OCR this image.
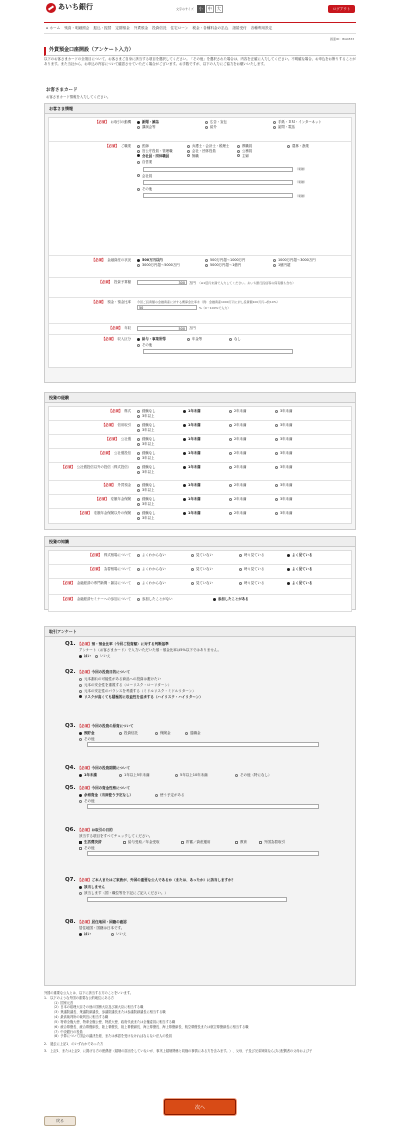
あいち銀行	文字のサイズ	小	中	大	ログアウト
⌂ ホーム 残高・明細照会 振込・振替 定期預金 外貨預金 投資信託 住宅ローン 税金・各種料金の払込 諸届受付 各種利用設定
画面ID：BGK833
外貨預金口座開設（アンケート入力）
以下のお客さまカードの全項目について、お客さまご自身に該当する項目を選択してください。「その他」を選択された場合は、内容を正確に入力してください。不明確な場合、お申込をお断りすることがあります。また当社から、お申込の内容について確認させていただく場合がございます。お手数ですが、以下の入力にご協力をお願いいたします。
お客さまカード
お客さまカード情報を入力してください。
お客さま情報
【必須】 お取引の動機	新聞・雑誌	広告・宣伝	手紙・ＤＭ・インターネット
講演会等	紹介	訪問・電話
【必須】 ご職業	医師	弁護士・会計士・税理士	教職員	農林・漁業
官公庁役員・管理職	会社・団体役員	公務員
会社員・団体職員	無職	主婦
自営業
（業種）
会社員
（業種）
その他
（業種）
【必須】 金融資産の状況	500万円以内	500万円超～1000万円	1000万円超～3000万円
3000万円超～5000万円	5000万円超～1億円	1億円超
【必須】 投資予算額	300	万円 （※1億円未満で入力してください。あいち銀行投信等の保有額も含む）
【必須】 預金・預金比率	今回ご投資額の金融資産に対する概算金比率を（例：金融資産1000万円に対し投資額100万円→約10%）
50	%（0～100%で入力）
【必須】 年収	500	万円
【必須】 収入区分	給与・事業所得	年金等	なし
その他
投資の経験
【必須】 株式	経験なし	1年未満	2年未満	3年未満
3年以上
【必須】 信用取引	経験なし	1年未満	2年未満	3年未満
3年以上
【必須】 公社債	経験なし	1年未満	2年未満	3年未満
3年以上
【必須】 公社債投信	経験なし	1年未満	2年未満	3年未満
3年以上
【必須】 公社債投信以外の投信（株式投信）	経験なし	1年未満	2年未満	3年未満
3年以上
【必須】 外貨預金	経験なし	1年未満	2年未満	3年未満
3年以上
【必須】 変額年金保険	経験なし	1年未満	2年未満	3年未満
3年以上
【必須】 変額年金保険以外の保険	経験なし	1年未満	2年未満	3年未満
3年以上
投資の知識
【必須】 株式相場について	よくわからない	見ていない	時々見ている	よく見ている
【必須】 為替相場について	よくわからない	見ていない	時々見ている	よく見ている
【必須】 金融経済の専門新聞・雑誌について	よくわからない	見ていない	時々見ている	よく見ている
【必須】 金融経済セミナーへの参加について	参加したことがない	参加したことがある
取引アンケート
Q1. 【必須】預・預金比率（今回ご投資額）に対する判断基準
アンケート（お客さまカード）で入力いただいた預・預金比率は5%以下ではありません。
はい	いいえ
Q2. 【必須】今回の投資目的について
元本割れの可能性がある商品への投資は避けたい
元本の安全性を重視する（ローリスク・ローリターン）
元本の安定性のバランスを考慮する（ミドルリスク・ミドルリターン）
リスクが高くても積極的に収益性を追求する（ハイリスク・ハイリターン）
Q3. 【必須】今回の投資の原資について
預貯金	投資信託	保険金	退職金
その他
Q4. 【必須】今回の投資期間について
1年未満	1年以上5年未満	5年以上10年未満	その他（特になし）
Q5. 【必須】今回の資金性格について
余裕資金（当面使う予定なし）	使う予定がある
その他
Q6. 【必須】お取引の目的
該当する項目をすべてチェックしてください。
生活費決済	給与受取／年金受取	貯蓄／資産運用	教育	外国為替取引
その他
Q7. 【必須】ご本人またはご家族が、外国の重要な公人であるか（または、あったか）に該当しますか？
該当しません
該当します（国・職位等を下記にご記入ください。）
Q8. 【必須】居住地国・国籍の確認
居住地国・国籍は日本です。
はい	いいえ
外国の重要な公人とは、以下に該当する方のことをいいます。
1.　以下のような外国の重要な公的地位にある方
（1）国家元首
（2）日本の総理大臣その他の国務大臣及び副大臣に相当する職
（3）衆議院議長、衆議院副議長、参議院議長または参議院副議長に相当する職
（4）最高裁判所の裁判官に相当する職
（5）特命全権大使、特命全権公使、特派大使、政府代表または全権委員に相当する職
（6）統合幕僚長、統合幕僚副長、陸上幕僚長、陸上幕僚副長、海上幕僚長、海上幕僚副長、航空幕僚長または航空幕僚副長に相当する職
（7）中央銀行の役員
（8）予算について国会の議決を経、または承認を受けなければならない法人の役員
2.　過去に上記1．のいずれかであった方
3.　上記1．または上記2．に掲げる方の配偶者（婚姻の届出をしていないが、事実上婚姻関係と同様の事情にある方を含みます。）、父母、子及び兄弟姉妹ならびに配偶者の父母および子
次へ
戻る
